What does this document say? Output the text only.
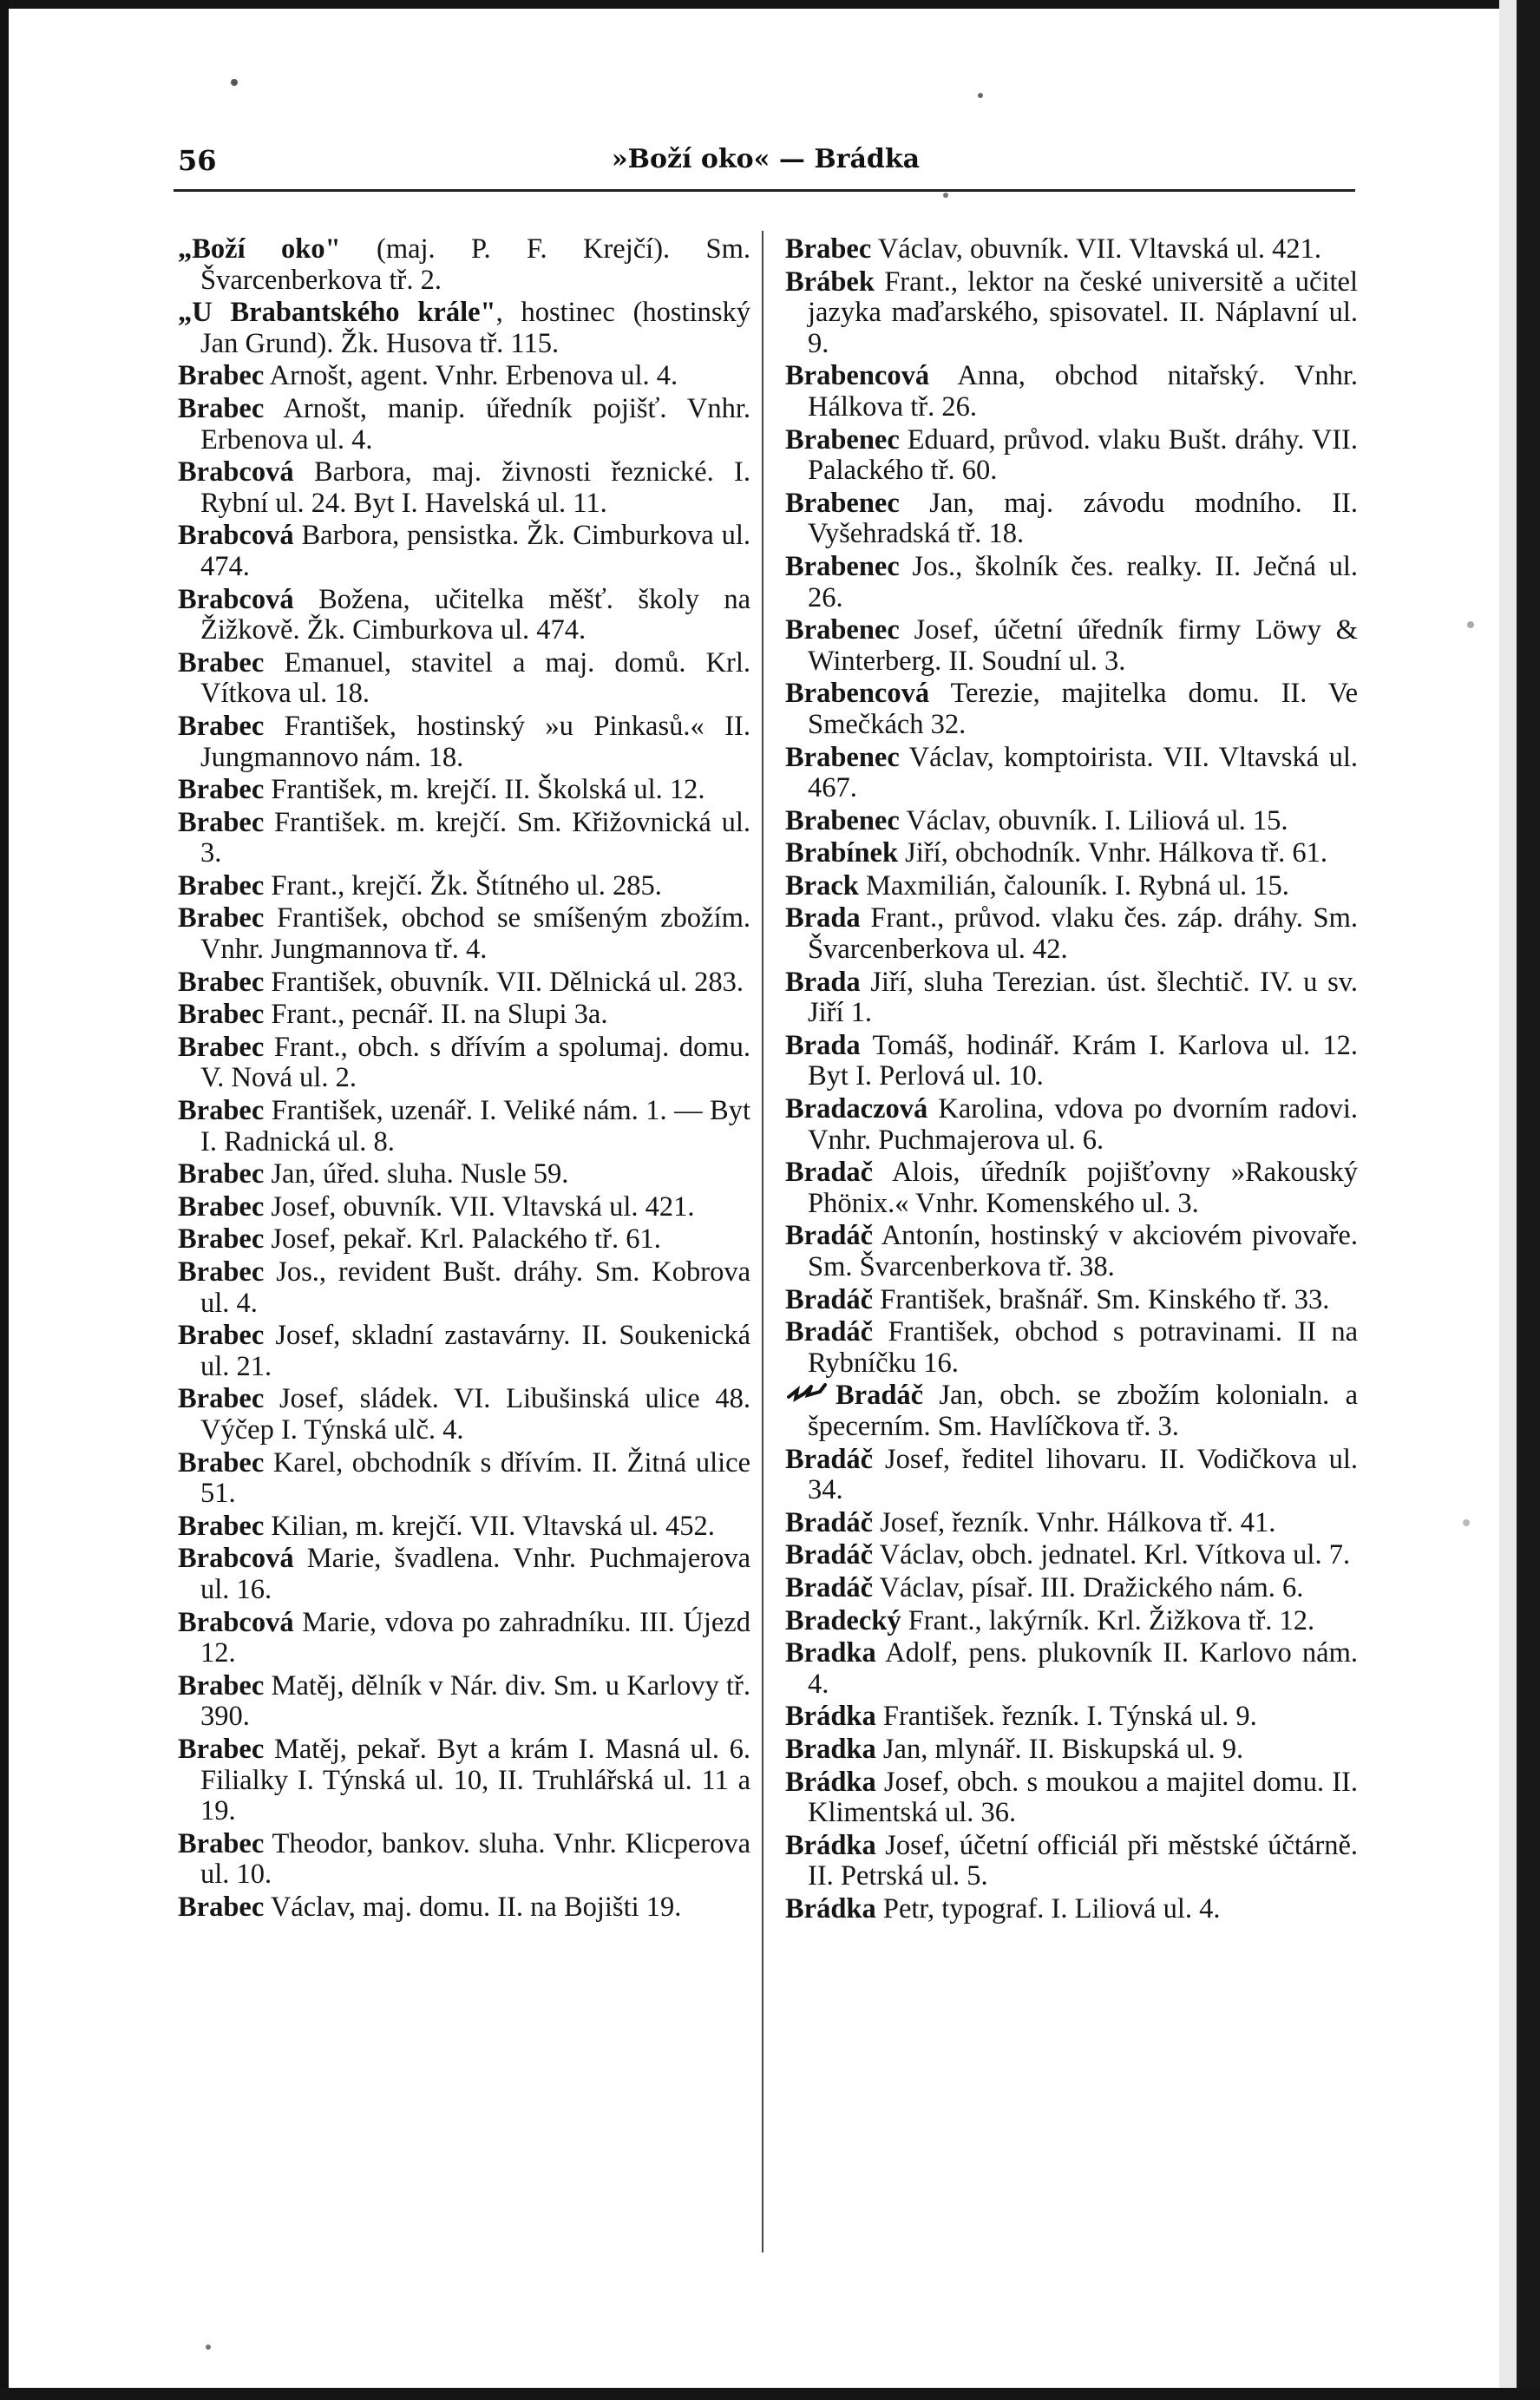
56	»Boží oko« — Brádka

„Boží oko" (maj. P. F. Krejčí). Sm. Švarcenberkova tř. 2.

„U Brabantského krále", hostinec (hostinský Jan Grund). Žk. Husova tř. 115.

Brabec Arnošt, agent. Vnhr. Erbenova ul. 4.

Brabec Arnošt, manip. úředník pojišť. Vnhr. Erbenova ul. 4.

Brabcová Barbora, maj. živnosti řeznické. I. Rybní ul. 24. Byt I. Havelská ul. 11.

Brabcová Barbora, pensistka. Žk. Cimburkova ul. 474.

Brabcová Božena, učitelka měšť. školy na Žižkově. Žk. Cimburkova ul. 474.

Brabec Emanuel, stavitel a maj. domů. Krl. Vítkova ul. 18.

Brabec František, hostinský »u Pinkasů.« II. Jungmannovo nám. 18.

Brabec František, m. krejčí. II. Školská ul. 12.

Brabec František. m. krejčí. Sm. Křižovnická ul. 3.

Brabec Frant., krejčí. Žk. Štítného ul. 285.

Brabec František, obchod se smíšeným zbožím. Vnhr. Jungmannova tř. 4.

Brabec František, obuvník. VII. Dělnická ul. 283.

Brabec Frant., pecnář. II. na Slupi 3a.

Brabec Frant., obch. s dřívím a spolumaj. domu. V. Nová ul. 2.

Brabec František, uzenář. I. Veliké nám. 1. — Byt I. Radnická ul. 8.

Brabec Jan, úřed. sluha. Nusle 59.

Brabec Josef, obuvník. VII. Vltavská ul. 421.

Brabec Josef, pekař. Krl. Palackého tř. 61.

Brabec Jos., revident Bušt. dráhy. Sm. Kobrova ul. 4.

Brabec Josef, skladní zastavárny. II. Soukenická ul. 21.

Brabec Josef, sládek. VI. Libušinská ulice 48. Výčep I. Týnská ulč. 4.

Brabec Karel, obchodník s dřívím. II. Žitná ulice 51.

Brabec Kilian, m. krejčí. VII. Vltavská ul. 452.

Brabcová Marie, švadlena. Vnhr. Puchmajerova ul. 16.

Brabcová Marie, vdova po zahradníku. III. Újezd 12.

Brabec Matěj, dělník v Nár. div. Sm. u Karlovy tř. 390.

Brabec Matěj, pekař. Byt a krám I. Masná ul. 6. Filialky I. Týnská ul. 10, II. Truhlářská ul. 11 a 19.

Brabec Theodor, bankov. sluha. Vnhr. Klicperova ul. 10.

Brabec Václav, maj. domu. II. na Bojišti 19.

Brabec Václav, obuvník. VII. Vltavská ul. 421.

Brábek Frant., lektor na české universitě a učitel jazyka maďarského, spisovatel. II. Náplavní ul. 9.

Brabencová Anna, obchod nitařský. Vnhr. Hálkova tř. 26.

Brabenec Eduard, průvod. vlaku Bušt. dráhy. VII. Palackého tř. 60.

Brabenec Jan, maj. závodu modního. II. Vyšehradská tř. 18.

Brabenec Jos., školník čes. realky. II. Ječná ul. 26.

Brabenec Josef, účetní úředník firmy Löwy & Winterberg. II. Soudní ul. 3.

Brabencová Terezie, majitelka domu. II. Ve Smečkách 32.

Brabenec Václav, komptoirista. VII. Vltavská ul. 467.

Brabenec Václav, obuvník. I. Liliová ul. 15.

Brabínek Jiří, obchodník. Vnhr. Hálkova tř. 61.

Brack Maxmilián, čalouník. I. Rybná ul. 15.

Brada Frant., průvod. vlaku čes. záp. dráhy. Sm. Švarcenberkova ul. 42.

Brada Jiří, sluha Terezian. úst. šlechtič. IV. u sv. Jiří 1.

Brada Tomáš, hodinář. Krám I. Karlova ul. 12. Byt I. Perlová ul. 10.

Bradaczová Karolina, vdova po dvorním radovi. Vnhr. Puchmajerova ul. 6.

Bradač Alois, úředník pojišťovny »Rakouský Phönix.« Vnhr. Komenského ul. 3.

Bradáč Antonín, hostinský v akciovém pivovaře. Sm. Švarcenberkova tř. 38.

Bradáč František, brašnář. Sm. Kinského tř. 33.

Bradáč František, obchod s potravinami. II na Rybníčku 16.

Bradáč Jan, obch. se zbožím kolonialn. a špecerním. Sm. Havlíčkova tř. 3.

Bradáč Josef, ředitel lihovaru. II. Vodičkova ul. 34.

Bradáč Josef, řezník. Vnhr. Hálkova tř. 41.

Bradáč Václav, obch. jednatel. Krl. Vítkova ul. 7.

Bradáč Václav, písař. III. Dražického nám. 6.

Bradecký Frant., lakýrník. Krl. Žižkova tř. 12.

Bradka Adolf, pens. plukovník II. Karlovo nám. 4.

Brádka František. řezník. I. Týnská ul. 9.

Bradka Jan, mlynář. II. Biskupská ul. 9.

Brádka Josef, obch. s moukou a majitel domu. II. Klimentská ul. 36.

Brádka Josef, účetní officiál při městské účtárně. II. Petrská ul. 5.

Brádka Petr, typograf. I. Liliová ul. 4.
